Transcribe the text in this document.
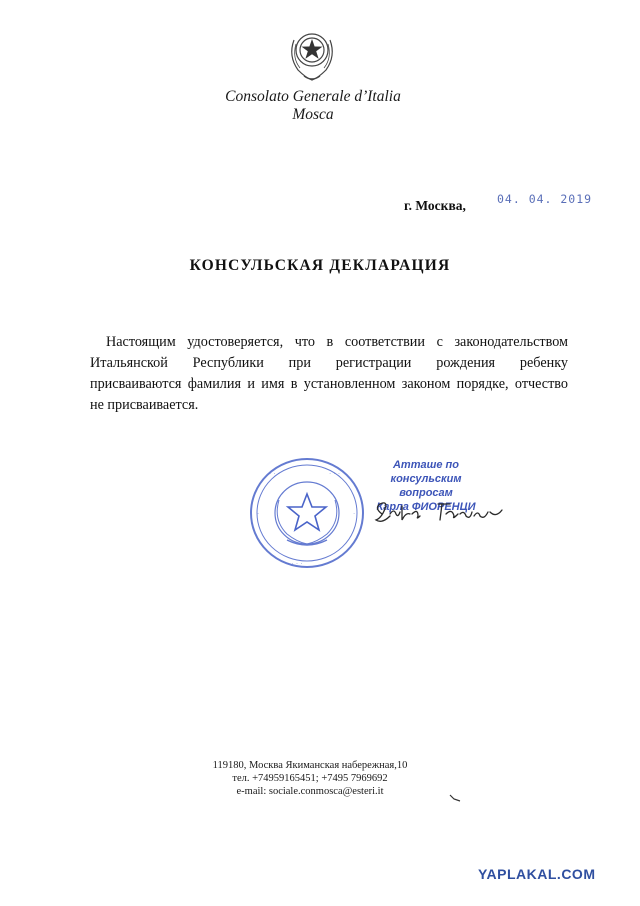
Consolato Generale d’Italia
Mosca
г. Москва,	04. 04. 2019
КОНСУЛЬСКАЯ ДЕКЛАРАЦИЯ
Настоящим удостоверяется, что в соответствии с законодательством
Итальянской Республики при регистрации рождения ребенку
присваиваются фамилия и имя в установленном законом порядке, отчество
не присваивается.
· · ·	· · ·
·	·
· · · ·
Атташе по консульским
вопросам
Карла ФИОРЕНЦИ
119180, Москва Якиманская набережная,10
тел. +74959165451; +7495 7969692
e-mail: sociale.conmosca@esteri.it
YAPLAKAL.COM
